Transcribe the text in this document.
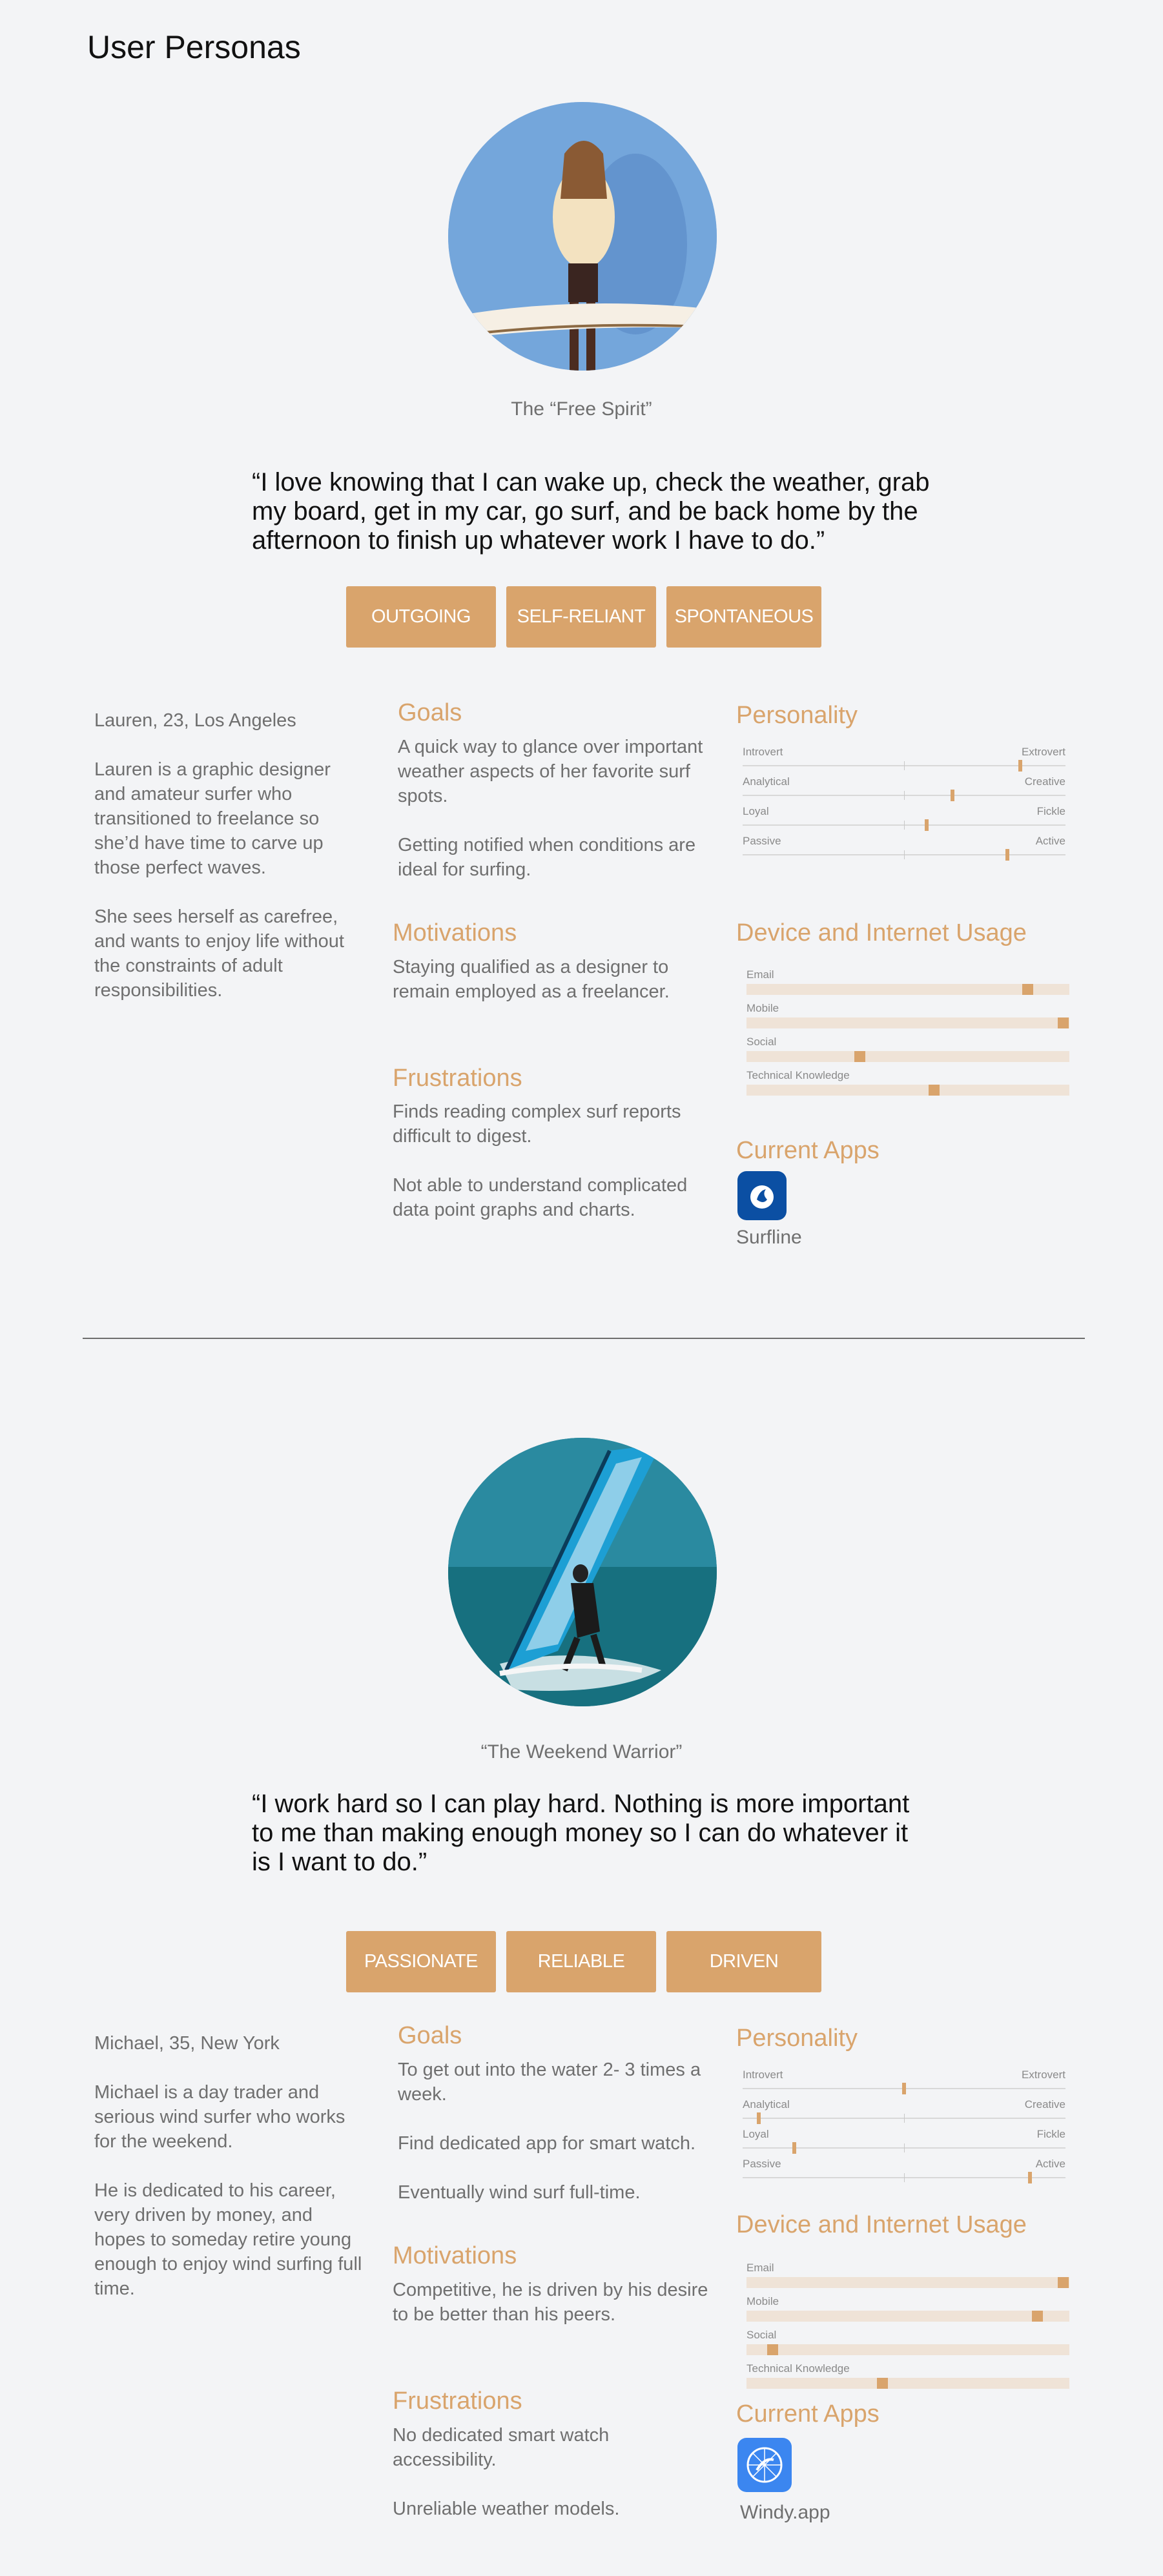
User Personas
The “Free Spirit”
“I love knowing that I can wake up, check the weather, grab my board, get in my car, go surf, and be back home by the afternoon to finish up whatever work I have to do.”
OUTGOING	SELF-RELIANT	SPONTANEOUS

Lauren, 23, Los Angeles

Lauren is a graphic designer and amateur surfer who transitioned to freelance so she’d have time to carve up those perfect waves.

She sees herself as carefree, and wants to enjoy life without the constraints of adult responsibilities.

Goals

A quick way to glance over important weather aspects of her favorite surf spots.

Getting notified when conditions are ideal for surfing.

Motivations

Staying qualified as a designer to remain employed as a freelancer.

Frustrations

Finds reading complex surf reports difficult to digest.

Not able to understand complicated data point graphs and charts.

Personality
Introvert	Extrovert
Analytical	Creative
Loyal	Fickle
Passive	Active
Device and Internet Usage
Email
Mobile
Social
Technical Knowledge
Current Apps
Surfline
“The Weekend Warrior”
“I work hard so I can play hard. Nothing is more important to me than making enough money so I can do whatever it is I want to do.”
PASSIONATE	RELIABLE	DRIVEN

Michael, 35, New York

Michael is a day trader and serious wind surfer who works for the weekend.

He is dedicated to his career, very driven by money, and hopes to someday retire young enough to enjoy wind surfing full time.

Goals

To get out into the water 2- 3 times a week.

Find dedicated app for smart watch.

Eventually wind surf full-time.

Motivations

Competitive, he is driven by his desire to be better than his peers.

Frustrations

No dedicated smart watch accessibility.

Unreliable weather models.

Personality
Introvert	Extrovert
Analytical	Creative
Loyal	Fickle
Passive	Active
Device and Internet Usage
Email
Mobile
Social
Technical Knowledge
Current Apps
Windy.app
